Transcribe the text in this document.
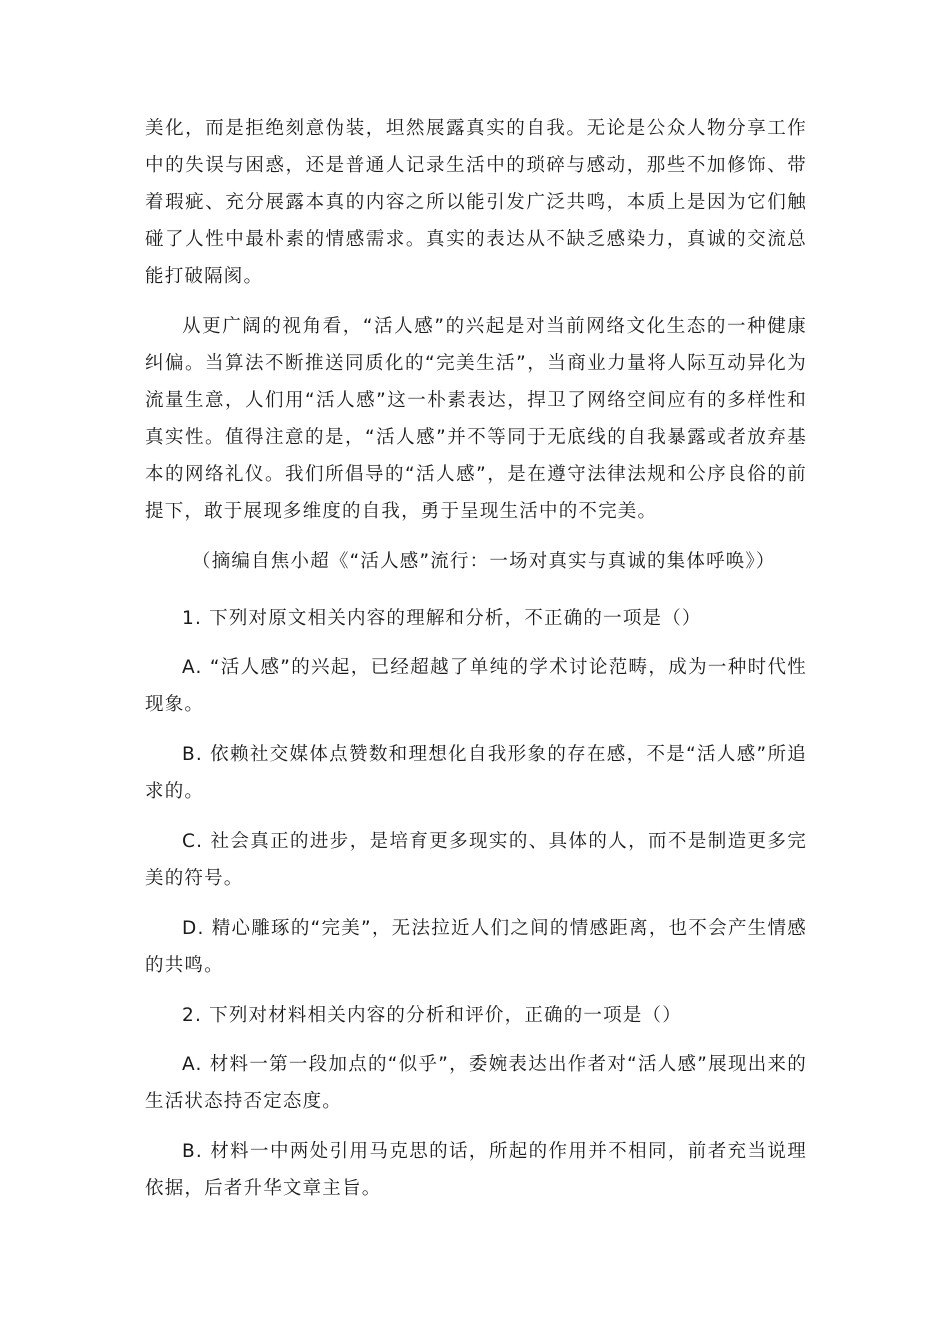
美化，而是拒绝刻意伪装，坦然展露真实的自我。无论是公众人物分享工作中的失误与困惑，还是普通人记录生活中的琐碎与感动，那些不加修饰、带着瑕疵、充分展露本真的内容之所以能引发广泛共鸣，本质上是因为它们触碰了人性中最朴素的情感需求。真实的表达从不缺乏感染力，真诚的交流总能打破隔阂。

从更广阔的视角看，“活人感”的兴起是对当前网络文化生态的一种健康纠偏。当算法不断推送同质化的“完美生活”，当商业力量将人际互动异化为流量生意，人们用“活人感”这一朴素表达，捍卫了网络空间应有的多样性和真实性。值得注意的是，“活人感”并不等同于无底线的自我暴露或者放弃基本的网络礼仪。我们所倡导的“活人感”，是在遵守法律法规和公序良俗的前提下，敢于展现多维度的自我，勇于呈现生活中的不完美。

（摘编自焦小超《“活人感”流行：一场对真实与真诚的集体呼唤》）

1. 下列对原文相关内容的理解和分析，不正确的一项是（）

A. “活人感”的兴起，已经超越了单纯的学术讨论范畴，成为一种时代性现象。

B. 依赖社交媒体点赞数和理想化自我形象的存在感，不是“活人感”所追求的。

C. 社会真正的进步，是培育更多现实的、具体的人，而不是制造更多完美的符号。

D. 精心雕琢的“完美”，无法拉近人们之间的情感距离，也不会产生情感的共鸣。

2. 下列对材料相关内容的分析和评价，正确的一项是（）

A. 材料一第一段加点的“似乎”，委婉表达出作者对“活人感”展现出来的生活状态持否定态度。

B. 材料一中两处引用马克思的话，所起的作用并不相同，前者充当说理依据，后者升华文章主旨。
